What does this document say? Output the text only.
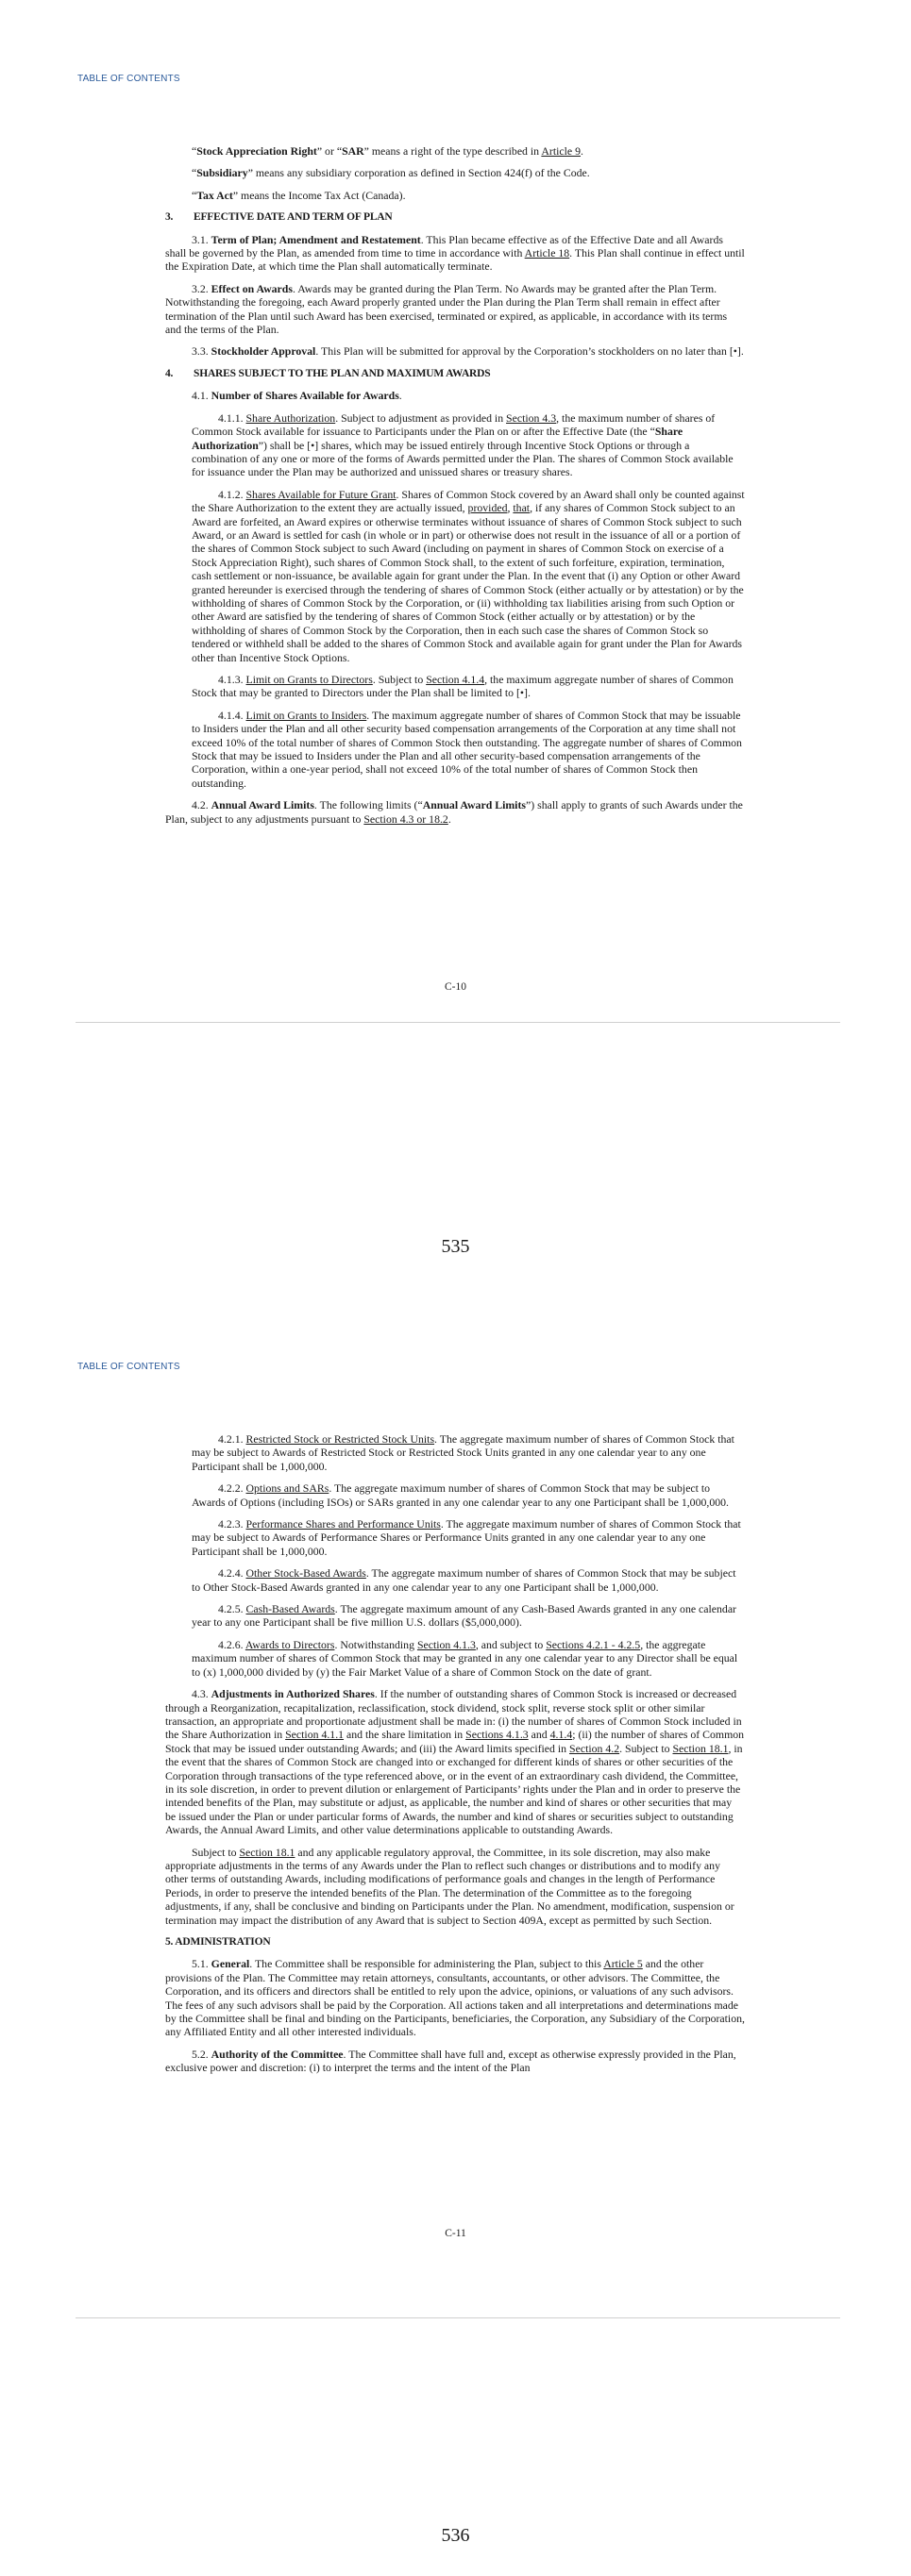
TABLE OF CONTENTS

“Stock Appreciation Right” or “SAR” means a right of the type described in Article 9.

“Subsidiary” means any subsidiary corporation as defined in Section 424(f) of the Code.

“Tax Act” means the Income Tax Act (Canada).

3. EFFECTIVE DATE AND TERM OF PLAN

3.1. Term of Plan; Amendment and Restatement. This Plan became effective as of the Effective Date and all Awards shall be governed by the Plan, as amended from time to time in accordance with Article 18. This Plan shall continue in effect until the Expiration Date, at which time the Plan shall automatically terminate.

3.2. Effect on Awards. Awards may be granted during the Plan Term. No Awards may be granted after the Plan Term. Notwithstanding the foregoing, each Award properly granted under the Plan during the Plan Term shall remain in effect after termination of the Plan until such Award has been exercised, terminated or expired, as applicable, in accordance with its terms and the terms of the Plan.

3.3. Stockholder Approval. This Plan will be submitted for approval by the Corporation’s stockholders on no later than [•].

4. SHARES SUBJECT TO THE PLAN AND MAXIMUM AWARDS

4.1. Number of Shares Available for Awards.

4.1.1. Share Authorization. Subject to adjustment as provided in Section 4.3, the maximum number of shares of Common Stock available for issuance to Participants under the Plan on or after the Effective Date (the “Share Authorization”) shall be [•] shares, which may be issued entirely through Incentive Stock Options or through a combination of any one or more of the forms of Awards permitted under the Plan. The shares of Common Stock available for issuance under the Plan may be authorized and unissued shares or treasury shares.

4.1.2. Shares Available for Future Grant. Shares of Common Stock covered by an Award shall only be counted against the Share Authorization to the extent they are actually issued, provided, that, if any shares of Common Stock subject to an Award are forfeited, an Award expires or otherwise terminates without issuance of shares of Common Stock subject to such Award, or an Award is settled for cash (in whole or in part) or otherwise does not result in the issuance of all or a portion of the shares of Common Stock subject to such Award (including on payment in shares of Common Stock on exercise of a Stock Appreciation Right), such shares of Common Stock shall, to the extent of such forfeiture, expiration, termination, cash settlement or non-issuance, be available again for grant under the Plan. In the event that (i) any Option or other Award granted hereunder is exercised through the tendering of shares of Common Stock (either actually or by attestation) or by the withholding of shares of Common Stock by the Corporation, or (ii) withholding tax liabilities arising from such Option or other Award are satisfied by the tendering of shares of Common Stock (either actually or by attestation) or by the withholding of shares of Common Stock by the Corporation, then in each such case the shares of Common Stock so tendered or withheld shall be added to the shares of Common Stock and available again for grant under the Plan for Awards other than Incentive Stock Options.

4.1.3. Limit on Grants to Directors. Subject to Section 4.1.4, the maximum aggregate number of shares of Common Stock that may be granted to Directors under the Plan shall be limited to [•].

4.1.4. Limit on Grants to Insiders. The maximum aggregate number of shares of Common Stock that may be issuable to Insiders under the Plan and all other security based compensation arrangements of the Corporation at any time shall not exceed 10% of the total number of shares of Common Stock then outstanding. The aggregate number of shares of Common Stock that may be issued to Insiders under the Plan and all other security-based compensation arrangements of the Corporation, within a one-year period, shall not exceed 10% of the total number of shares of Common Stock then outstanding.

4.2. Annual Award Limits. The following limits (“Annual Award Limits”) shall apply to grants of such Awards under the Plan, subject to any adjustments pursuant to Section 4.3 or 18.2.

C-10
535
TABLE OF CONTENTS

4.2.1. Restricted Stock or Restricted Stock Units. The aggregate maximum number of shares of Common Stock that may be subject to Awards of Restricted Stock or Restricted Stock Units granted in any one calendar year to any one Participant shall be 1,000,000.

4.2.2. Options and SARs. The aggregate maximum number of shares of Common Stock that may be subject to Awards of Options (including ISOs) or SARs granted in any one calendar year to any one Participant shall be 1,000,000.

4.2.3. Performance Shares and Performance Units. The aggregate maximum number of shares of Common Stock that may be subject to Awards of Performance Shares or Performance Units granted in any one calendar year to any one Participant shall be 1,000,000.

4.2.4. Other Stock-Based Awards. The aggregate maximum number of shares of Common Stock that may be subject to Other Stock-Based Awards granted in any one calendar year to any one Participant shall be 1,000,000.

4.2.5. Cash-Based Awards. The aggregate maximum amount of any Cash-Based Awards granted in any one calendar year to any one Participant shall be five million U.S. dollars ($5,000,000).

4.2.6. Awards to Directors. Notwithstanding Section 4.1.3, and subject to Sections 4.2.1 - 4.2.5, the aggregate maximum number of shares of Common Stock that may be granted in any one calendar year to any Director shall be equal to (x) 1,000,000 divided by (y) the Fair Market Value of a share of Common Stock on the date of grant.

4.3. Adjustments in Authorized Shares. If the number of outstanding shares of Common Stock is increased or decreased through a Reorganization, recapitalization, reclassification, stock dividend, stock split, reverse stock split or other similar transaction, an appropriate and proportionate adjustment shall be made in: (i) the number of shares of Common Stock included in the Share Authorization in Section 4.1.1 and the share limitation in Sections 4.1.3 and 4.1.4; (ii) the number of shares of Common Stock that may be issued under outstanding Awards; and (iii) the Award limits specified in Section 4.2. Subject to Section 18.1, in the event that the shares of Common Stock are changed into or exchanged for different kinds of shares or other securities of the Corporation through transactions of the type referenced above, or in the event of an extraordinary cash dividend, the Committee, in its sole discretion, in order to prevent dilution or enlargement of Participants’ rights under the Plan and in order to preserve the intended benefits of the Plan, may substitute or adjust, as applicable, the number and kind of shares or other securities that may be issued under the Plan or under particular forms of Awards, the number and kind of shares or securities subject to outstanding Awards, the Annual Award Limits, and other value determinations applicable to outstanding Awards.

Subject to Section 18.1 and any applicable regulatory approval, the Committee, in its sole discretion, may also make appropriate adjustments in the terms of any Awards under the Plan to reflect such changes or distributions and to modify any other terms of outstanding Awards, including modifications of performance goals and changes in the length of Performance Periods, in order to preserve the intended benefits of the Plan. The determination of the Committee as to the foregoing adjustments, if any, shall be conclusive and binding on Participants under the Plan. No amendment, modification, suspension or termination may impact the distribution of any Award that is subject to Section 409A, except as permitted by such Section.

5. ADMINISTRATION

5.1. General. The Committee shall be responsible for administering the Plan, subject to this Article 5 and the other provisions of the Plan. The Committee may retain attorneys, consultants, accountants, or other advisors. The Committee, the Corporation, and its officers and directors shall be entitled to rely upon the advice, opinions, or valuations of any such advisors. The fees of any such advisors shall be paid by the Corporation. All actions taken and all interpretations and determinations made by the Committee shall be final and binding on the Participants, beneficiaries, the Corporation, any Subsidiary of the Corporation, any Affiliated Entity and all other interested individuals.

5.2. Authority of the Committee. The Committee shall have full and, except as otherwise expressly provided in the Plan, exclusive power and discretion: (i) to interpret the terms and the intent of the Plan

C-11
536
